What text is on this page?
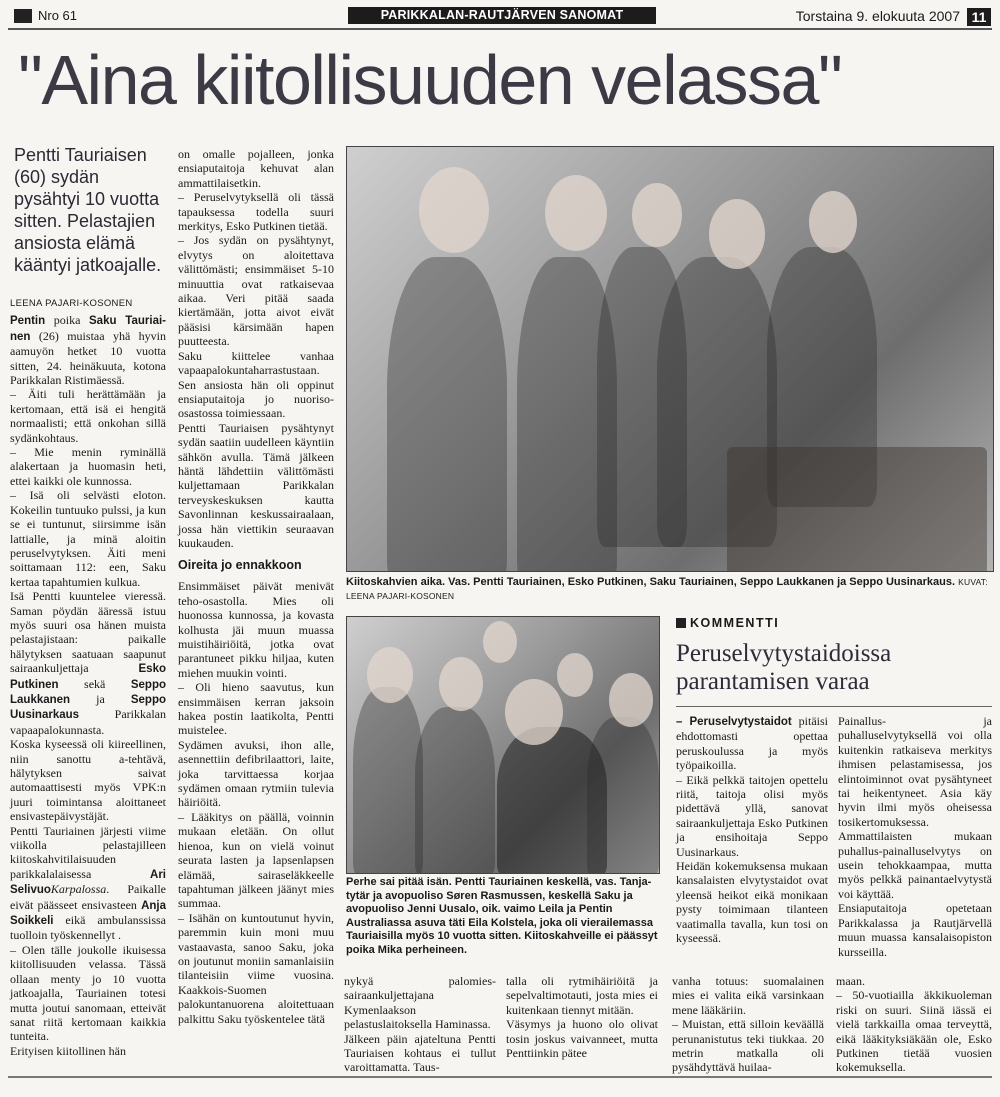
Nro 61	PARIKKALAN-RAUTJÄRVEN SANOMAT	Torstaina 9. elokuuta 2007 11
"Aina kiitollisuuden velassa"
Pentti Tauriaisen (60) sydän pysähtyi 10 vuotta sitten. Pelastajien ansiosta elämä kääntyi jatkoajalle.
LEENA PAJARI-KOSONEN

Pentin poika Saku Tauriai-nen (26) muistaa yhä hyvin aamuyön hetket 10 vuotta sitten, 24. heinäkuuta, kotona Parikkalan Ristimäessä.

– Äiti tuli herättämään ja kertomaan, että isä ei hengitä normaalisti; että onkohan sillä sydänkohtaus.

– Mie menin ryminällä alakertaan ja huomasin heti, ettei kaikki ole kunnossa.

– Isä oli selvästi eloton. Kokeilin tuntuuko pulssi, ja kun se ei tuntunut, siirsimme isän lattialle, ja minä aloitin peruselvytyksen. Äiti meni soittamaan 112: een, Saku kertaa tapahtumien kulkua.

Isä Pentti kuuntelee vieressä. Saman pöydän ääressä istuu myös suuri osa hänen muista pelastajistaan: paikalle hälytyksen saatuaan saapunut sairaankuljettaja Esko Putkinen sekä Seppo Laukkanen ja Seppo Uusinarkaus Parikkalan vapaapalokunnasta.

Koska kyseessä oli kiireellinen, niin sanottu a-tehtävä, hälytyksen saivat automaattisesti myös VPK:n juuri toimintansa aloittaneet ensivastepäivystäjät.

Pentti Tauriainen järjesti viime viikolla pelastajilleen kiitoskahvitilaisuuden parikkalalaisessa Ari SelivuoKarpalossa. Paikalle eivät päässeet ensivasteen Anja Soikkeli eikä ambulanssissa tuolloin työskennellyt .

– Olen tälle joukolle ikuisessa kiitollisuuden velassa. Tässä ollaan menty jo 10 vuotta jatkoajalla, Tauriainen totesi mutta joutui sanomaan, etteivät sanat riitä kertomaan kaikkia tunteita.

Erityisen kiitollinen hän

on omalle pojalleen, jonka ensiaputaitoja kehuvat alan ammattilaisetkin.

– Peruselvytyksellä oli tässä tapauksessa todella suuri merkitys, Esko Putkinen tietää.

– Jos sydän on pysähtynyt, elvytys on aloitettava välittömästi; ensimmäiset 5-10 minuuttia ovat ratkaisevaa aikaa. Veri pitää saada kiertämään, jotta aivot eivät pääsisi kärsimään hapen puutteesta.

Saku kiittelee vanhaa vapaapalokuntaharrastustaan. Sen ansiosta hän oli oppinut ensiaputaitoja jo nuoriso-osastossa toimiessaan.

Pentti Tauriaisen pysähtynyt sydän saatiin uudelleen käyntiin sähkön avulla. Tämä jälkeen häntä lähdettiin välittömästi kuljettamaan Parikkalan terveyskeskuksen kautta Savonlinnan keskussairaalaan, jossa hän viettikin seuraavan kuukauden.

Oireita jo ennakkoon

Ensimmäiset päivät menivät teho-osastolla. Mies oli huonossa kunnossa, ja kovasta kolhusta jäi muun muassa muistihäiriöitä, jotka ovat parantuneet pikku hiljaa, kuten miehen muukin vointi.

– Oli hieno saavutus, kun ensimmäisen kerran jaksoin hakea postin laatikolta, Pentti muistelee.

Sydämen avuksi, ihon alle, asennettiin defibrilaattori, laite, joka tarvittaessa korjaa sydämen omaan rytmiin tulevia häiriöitä.

– Lääkitys on päällä, voinnin mukaan eletään. On ollut hienoa, kun on vielä voinut seurata lasten ja lapsenlapsen elämää, sairaseläkkeelle tapahtuman jälkeen jäänyt mies summaa.

– Isähän on kuntoutunut hyvin, paremmin kuin moni muu vastaavasta, sanoo Saku, joka on joutunut moniin samanlaisiin tilanteisiin viime vuosina. Kaakkois-Suomen palokuntanuorena aloitettuaan palkittu Saku työskentelee tätä

Kiitoskahvien aika. Vas. Pentti Tauriainen, Esko Putkinen, Saku Tauriainen, Seppo Laukkanen ja Seppo Uusinarkaus. KUVAT: LEENA PAJARI-KOSONEN
Perhe sai pitää isän. Pentti Tauriainen keskellä, vas. Tanja-tytär ja avopuoliso Søren Rasmussen, keskellä Saku ja avopuoliso Jenni Uusalo, oik. vaimo Leila ja Pentin Australiassa asuva täti Eila Kolstela, joka oli vierailemassa Tauriaisilla myös 10 vuotta sitten. Kiitoskahveille ei päässyt poika Mika perheineen.

nykyä palomies-sairaankuljettajana Kymenlaakson pelastuslaitoksella Haminassa.

Jälkeen päin ajateltuna Pentti Tauriaisen kohtaus ei tullut varoittamatta. Taus-

talla oli rytmihäiriöitä ja sepelvaltimotauti, josta mies ei kuitenkaan tiennyt mitään.

Väsymys ja huono olo olivat tosin joskus vaivanneet, mutta Penttiinkin pätee

KOMMENTTI
Peruselvytystaidoissa parantamisen varaa

– Peruselvytystaidot pitäisi ehdottomasti opettaa peruskoulussa ja myös työpaikoilla.

– Eikä pelkkä taitojen opettelu riitä, taitoja olisi myös pidettävä yllä, sanovat sairaankuljettaja Esko Putkinen ja ensihoitaja Seppo Uusinarkaus.

Heidän kokemuksensa mukaan kansalaisten elvytystaidot ovat yleensä heikot eikä monikaan pysty toimimaan tilanteen vaatimalla tavalla, kun tosi on kyseessä.

Painallus- ja puhalluselvytyksellä voi olla kuitenkin ratkaiseva merkitys ihmisen pelastamisessa, jos elintoiminnot ovat pysähtyneet tai heikentyneet. Asia käy hyvin ilmi myös oheisessa tosikertomuksessa.

Ammattilaisten mukaan puhallus-painalluselvytys on usein tehokkaampaa, mutta myös pelkkä painantaelvytystä voi käyttää.

Ensiaputaitoja opetetaan Parikkalassa ja Rautjärvellä muun muassa kansalaisopiston kursseilla.

vanha totuus: suomalainen mies ei valita eikä varsinkaan mene lääkäriin.

– Muistan, että silloin keväällä perunanistutus teki tiukkaa. 20 metrin matkalla oli pysähdyttävä huilaa-

maan.

– 50-vuotiailla äkkikuoleman riski on suuri. Siinä iässä ei vielä tarkkailla omaa terveyttä, eikä lääkityksiäkään ole, Esko Putkinen tietää vuosien kokemuksella.
